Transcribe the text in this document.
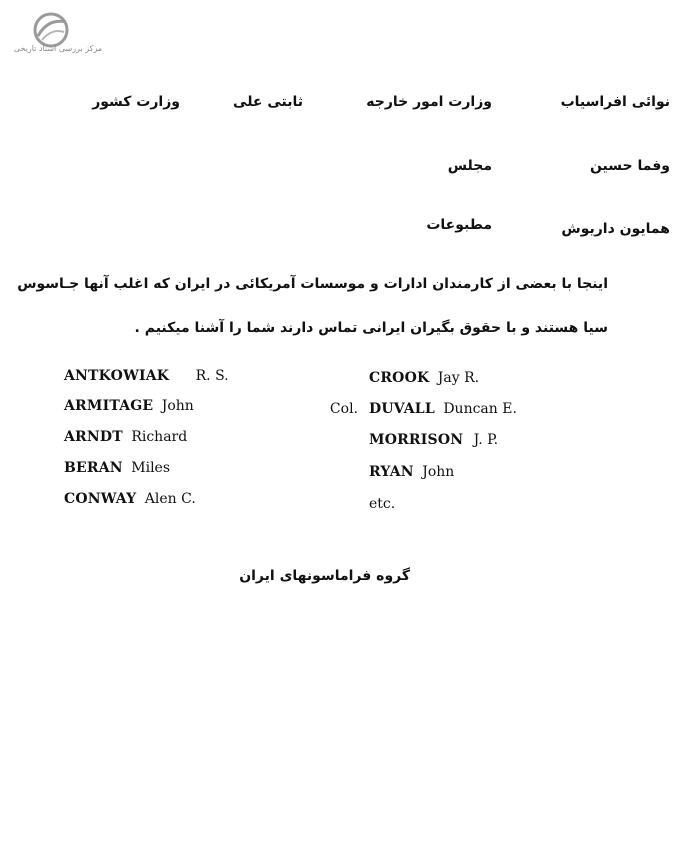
مرکز بررسی اسناد تاریخی
نوائی افراسیاب
وزارت امور خارجه
ثابتی علی
وزارت کشور
وفما حسین
مجلس
همایون داریوش
مطبوعات
اینجا با بعضی از کارمندان ادارات و موسسات آمریکائی در ایران که اغلب آنها جـاسوس
سیا هستند و با حقوق بگیران ایرانی تماس دارند شما را آشنا میکنیم .
ANTKOWIAK R. S.
ARMITAGE John
ARNDT Richard
BERAN Miles
CONWAY Alen C.
CROOK Jay R.
Col. DUVALL Duncan E.
MORRISON J. P.
RYAN John
etc.
گروه فراماسونهای ایران
